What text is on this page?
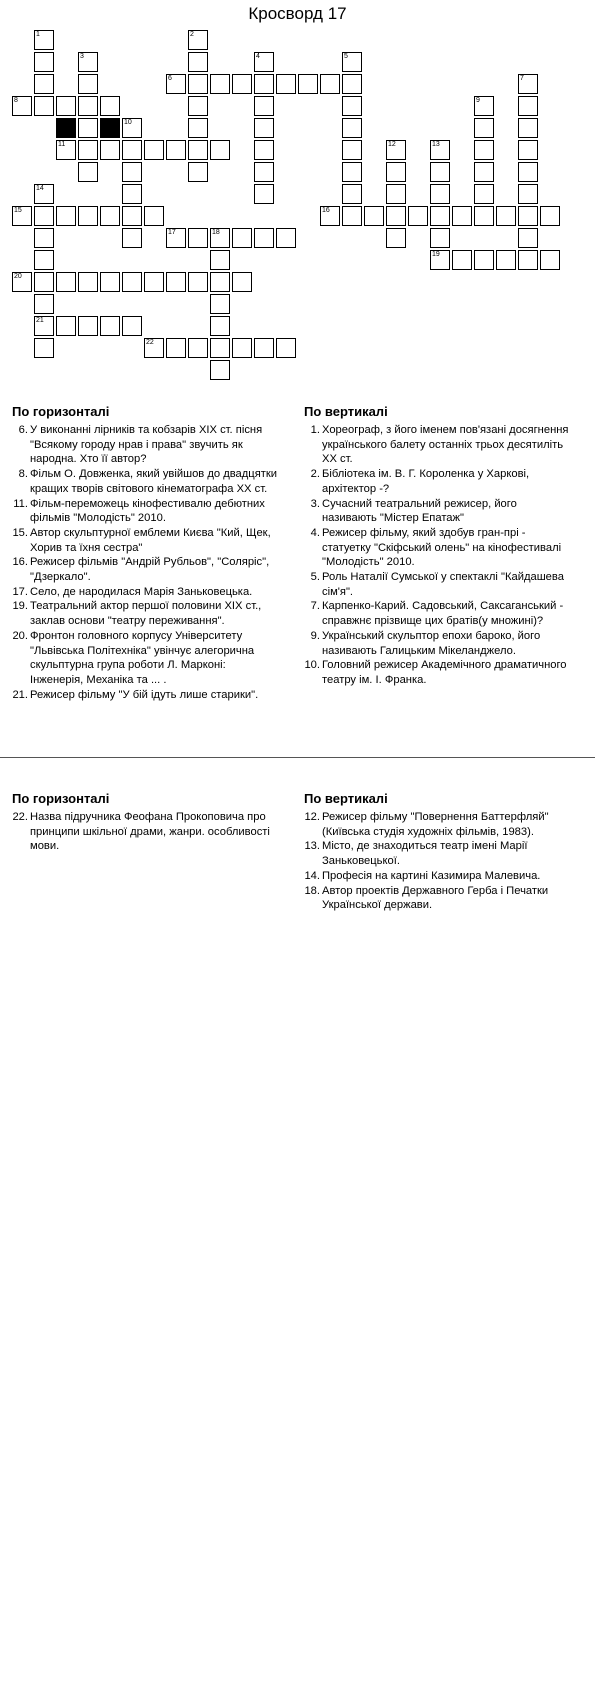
Кросворд 17
6
8
10
11
15	16
17	18
19
20
21
22
1	2
3	4	5
7
9
12	13
14
По горизонталі
6. У виконанні лірників та кобзарів XIX ст. пісня "Всякому городу нрав і права" звучить як народна. Хто її автор?
8. Фільм О. Довженка, який увійшов до двадцятки кращих творів світового кінематографа ХХ ст.
11. Фільм-переможець кінофестивалю дебютних фільмів "Молодість" 2010.
15. Автор скульптурної емблеми Києва "Кий, Щек, Хорив та їхня сестра"
16. Режисер фільмів "Андрій Рубльов", "Соляріс", "Дзеркало".
17. Село, де народилася Марія Заньковецька.
19. Театральний актор першої половини ХІХ ст., заклав основи "театру переживання".
20. Фронтон головного корпусу Університету "Львівська Політехніка" увінчує алегорична скульптурна група роботи Л. Марконі: Інженерія, Механіка та ... .
21. Режисер фільму "У бій ідуть лише старики".
По вертикалі
1. Хореограф, з його іменем пов'язані досягнення українського балету останніх трьох десятиліть ХХ ст.
2. Бібліотека ім. В. Г. Короленка у Харкові, архітектор -?
3. Сучасний театральний режисер, його називають "Містер Епатаж"
4. Режисер фільму, який здобув гран-прі - статуетку "Скіфський олень" на кінофестивалі "Молодість" 2010.
5. Роль Наталії Сумської у спектаклі "Кайдашева сім'я".
7. Карпенко-Карий. Садовський, Саксаганський - справжнє прізвище цих братів(у множині)?
9. Український скульптор епохи бароко, його називають Галицьким Мікеланджело.
10. Головний режисер Академічного драматичного театру ім. І. Франка.
По горизонталі
22. Назва підручника Феофана Прокоповича про принципи шкільної драми, жанри. особливості мови.
По вертикалі
12. Режисер фільму "Повернення Баттерфляй"(Київська студія художніх фільмів, 1983).
13. Місто, де знаходиться театр імені Марії Заньковецької.
14. Професія на картині Казимира Малевича.
18. Автор проектів Державного Герба і Печатки Української держави.
